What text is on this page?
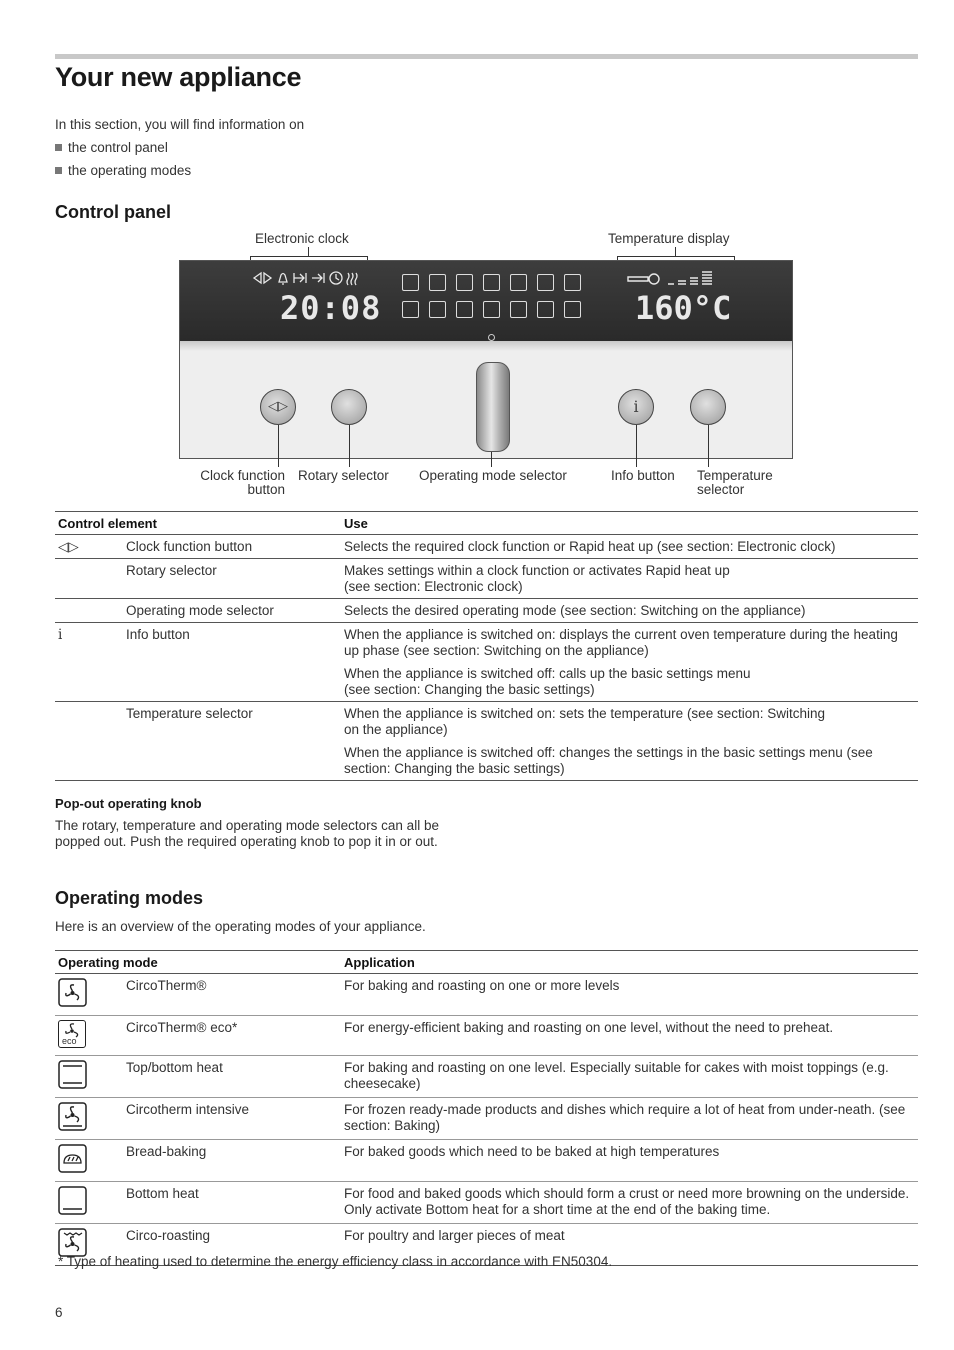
Your new appliance
In this section, you will find information on
the control panel
the operating modes
Control panel
Electronic clock	Temperature display
20:08	160°C
◁▷	i
Clock function
button
Rotary selector Operating mode selector	Info button Temperature
selector
Control element		Use
◁▷	Clock function button	Selects the required clock function or Rapid heat up (see section: Electronic clock)
	Rotary selector	Makes settings within a clock function or activates Rapid heat up
(see section: Electronic clock)
	Operating mode selector	Selects the desired operating mode (see section: Switching on the appliance)
i	Info button	When the appliance is switched on: displays the current oven temperature during the heating up phase (see section: Switching on the appliance)
When the appliance is switched off: calls up the basic settings menu
(see section: Changing the basic settings)

	Temperature selector	When the appliance is switched on: sets the temperature (see section: Switching
on the appliance)
When the appliance is switched off: changes the settings in the basic settings menu (see section: Changing the basic settings)
Pop-out operating knob
The rotary, temperature and operating mode selectors can all be popped out. Push the required operating knob to pop it in or out.
Operating modes
Here is an overview of the operating modes of your appliance.
Operating mode		Application
	CircoTherm®	For baking and roasting on one or more levels

eco	CircoTherm® eco*	For energy-efficient baking and roasting on one level, without the need to preheat.
	Top/bottom heat	For baking and roasting on one level. Especially suitable for cakes with moist toppings (e.g. cheesecake)
	Circotherm intensive	For frozen ready-made products and dishes which require a lot of heat from under-neath. (see section: Baking)
	Bread-baking	For baked goods which need to be baked at high temperatures
	Bottom heat	For food and baked goods which should form a crust or need more browning on the underside. Only activate Bottom heat for a short time at the end of the baking time.
	Circo-roasting	For poultry and larger pieces of meat
* Type of heating used to determine the energy efficiency class in accordance with EN50304.
6
